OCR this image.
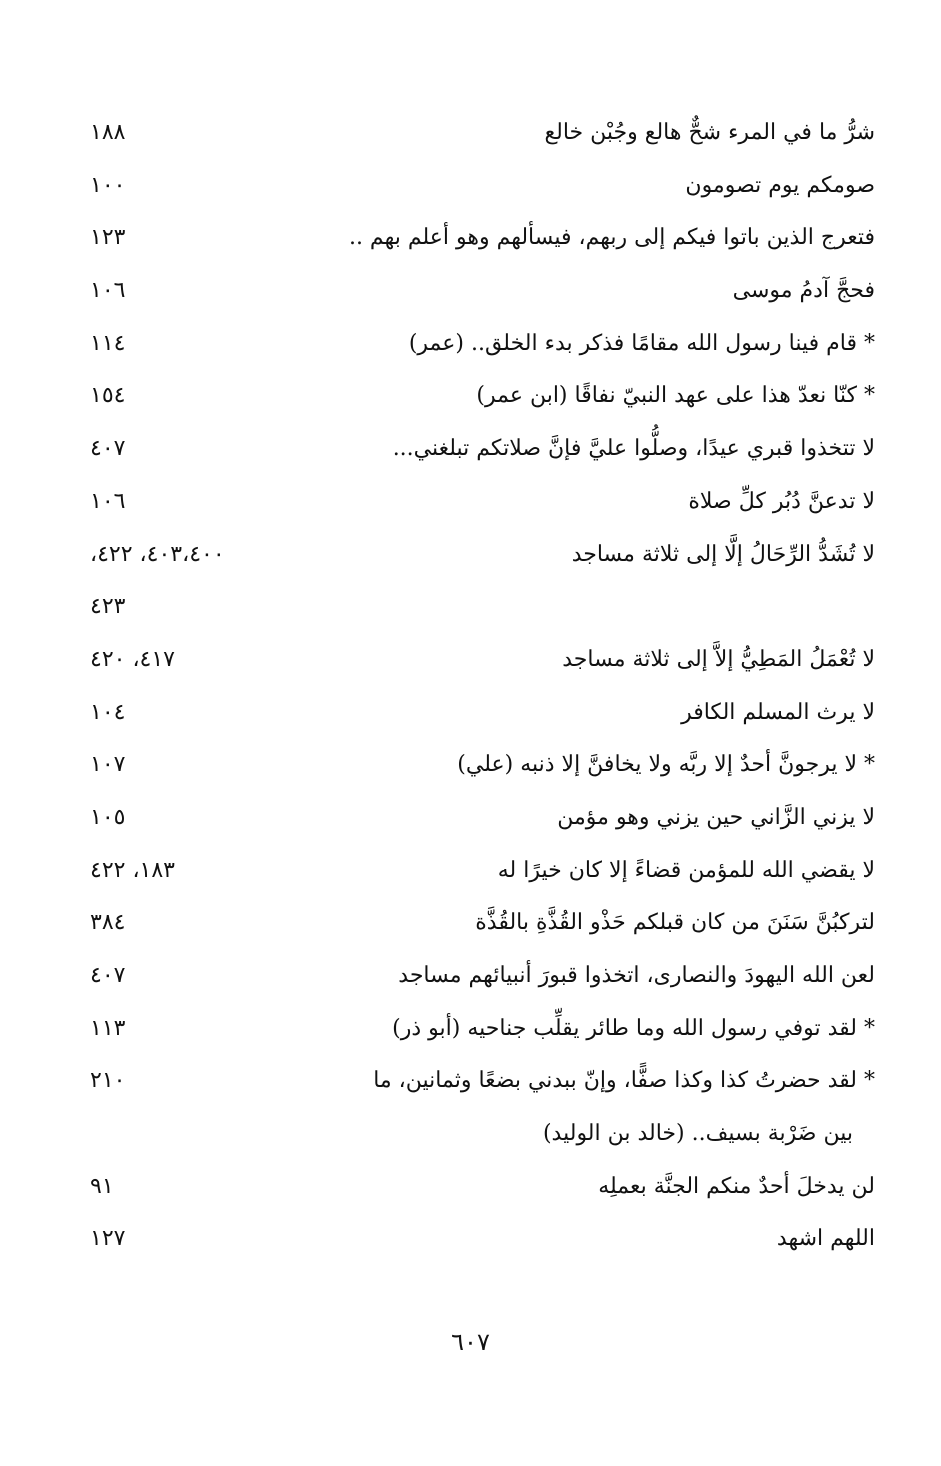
شرُّ ما في المرء شحٌّ هالع وجُبْن خالع
١٨٨
صومكم يوم تصومون
١٠٠
فتعرج الذين باتوا فيكم إلى ربهم، فيسألهم وهو أعلم بهم ..
١٢٣
فحجَّ آدمُ موسى
١٠٦
* قام فينا رسول الله مقامًا فذكر بدء الخلق.. (عمر)
١١٤
* كنّا نعدّ هذا على عهد النبيّ نفاقًا (ابن عمر)
١٥٤
لا تتخذوا قبري عيدًا، وصلُّوا عليَّ فإنَّ صلاتكم تبلغني...
٤٠٧
لا تدعنَّ دُبُر كلِّ صلاة
١٠٦
لا تُشَدُّ الرِّحَالُ إلَّا إلى ثلاثة مساجد
٤٠٣،٤٠٠، ٤٢٢،
٤٢٣
لا تُعْمَلُ المَطِيُّ إلاَّ إلى ثلاثة مساجد
٤١٧، ٤٢٠
لا يرث المسلم الكافر
١٠٤
* لا يرجونَّ أحدٌ إلا ربَّه ولا يخافنَّ إلا ذنبه (علي)
١٠٧
لا يزني الزَّاني حين يزني وهو مؤمن
١٠٥
لا يقضي الله للمؤمن قضاءً إلا كان خيرًا له
١٨٣، ٤٢٢
لتركبُنَّ سَنَنَ من كان قبلكم حَذْو القُذَّةِ بالقُذَّة
٣٨٤
لعن الله اليهودَ والنصارى، اتخذوا قبورَ أنبيائهم مساجد
٤٠٧
* لقد توفي رسول الله وما طائر يقلِّب جناحيه (أبو ذر)
١١٣
* لقد حضرتُ كذا وكذا صفًّا، وإنّ ببدني بضعًا وثمانين، ما
٢١٠
بين ضَرْبة بسيف.. (خالد بن الوليد)
لن يدخلَ أحدٌ منكم الجنَّة بعملِه
٩١
اللهم اشهد
١٢٧
٦٠٧
